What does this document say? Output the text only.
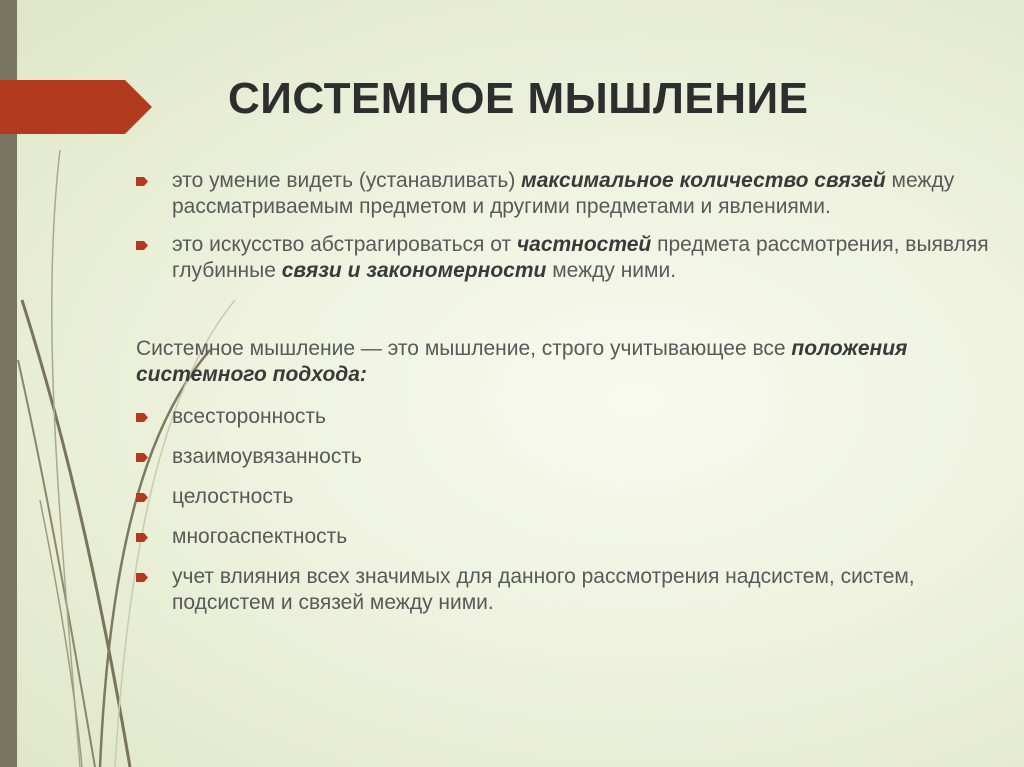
СИСТЕМНОЕ МЫШЛЕНИЕ
это умение видеть (устанавливать) максимальное количество связей между рассматриваемым предметом и другими предметами и явлениями.
это искусство абстрагироваться от частностей предмета рассмотрения, выявляя глубинные связи и закономерности между ними.

Системное мышление — это мышление, строго учитывающее все положения системного подхода:

всесторонность
взаимоувязанность
целостность
многоаспектность
учет влияния всех значимых для данного рассмотрения надсистем, систем, подсистем и связей между ними.
